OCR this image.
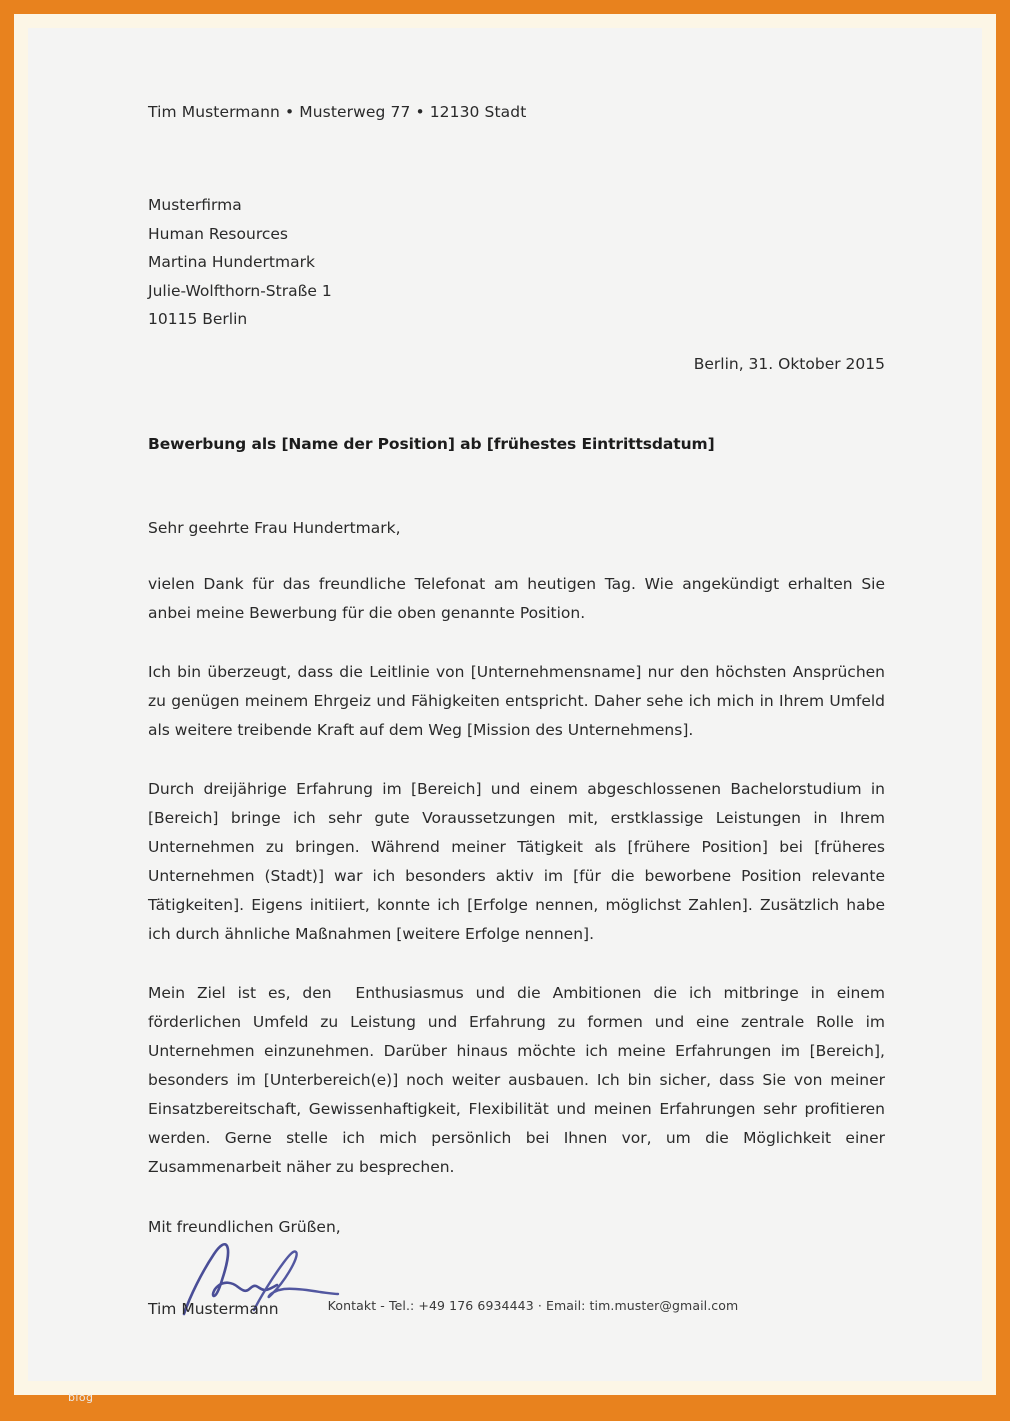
Tim Mustermann • Musterweg 77 • 12130 Stadt
Musterfirma
Human Resources
Martina Hundertmark
Julie-Wolfthorn-Straße 1
10115 Berlin
Berlin, 31. Oktober 2015
Bewerbung als [Name der Position] ab [frühestes Eintrittsdatum]
Sehr geehrte Frau Hundertmark,
vielen Dank für das freundliche Telefonat am heutigen Tag. Wie angekündigt erhalten Sie anbei meine Bewerbung für die oben genannte Position.
Ich bin überzeugt, dass die Leitlinie von [Unternehmensname] nur den höchsten Ansprüchen zu genügen meinem Ehrgeiz und Fähigkeiten entspricht. Daher sehe ich mich in Ihrem Umfeld als weitere treibende Kraft auf dem Weg [Mission des Unternehmens].
Durch dreijährige Erfahrung im [Bereich] und einem abgeschlossenen Bachelorstudium in [Bereich] bringe ich sehr gute Voraussetzungen mit, erstklassige Leistungen in Ihrem Unternehmen zu bringen. Während meiner Tätigkeit als [frühere Position] bei [früheres Unternehmen (Stadt)] war ich besonders aktiv im [für die beworbene Position relevante Tätigkeiten]. Eigens initiiert, konnte ich [Erfolge nennen, möglichst Zahlen]. Zusätzlich habe ich durch ähnliche Maßnahmen [weitere Erfolge nennen].
Mein Ziel ist es, den  Enthusiasmus und die Ambitionen die ich mitbringe in einem förderlichen Umfeld zu Leistung und Erfahrung zu formen und eine zentrale Rolle im Unternehmen einzunehmen. Darüber hinaus möchte ich meine Erfahrungen im [Bereich], besonders im [Unterbereich(e)] noch weiter ausbauen. Ich bin sicher, dass Sie von meiner Einsatzbereitschaft, Gewissenhaftigkeit, Flexibilität und meinen Erfahrungen sehr profitieren werden. Gerne stelle ich mich persönlich bei Ihnen vor, um die Möglichkeit einer Zusammenarbeit näher zu besprechen.
Mit freundlichen Grüßen,
Tim Mustermann	Kontakt - Tel.: +49 176 6934443 · Email: tim.muster@gmail.com
blog
